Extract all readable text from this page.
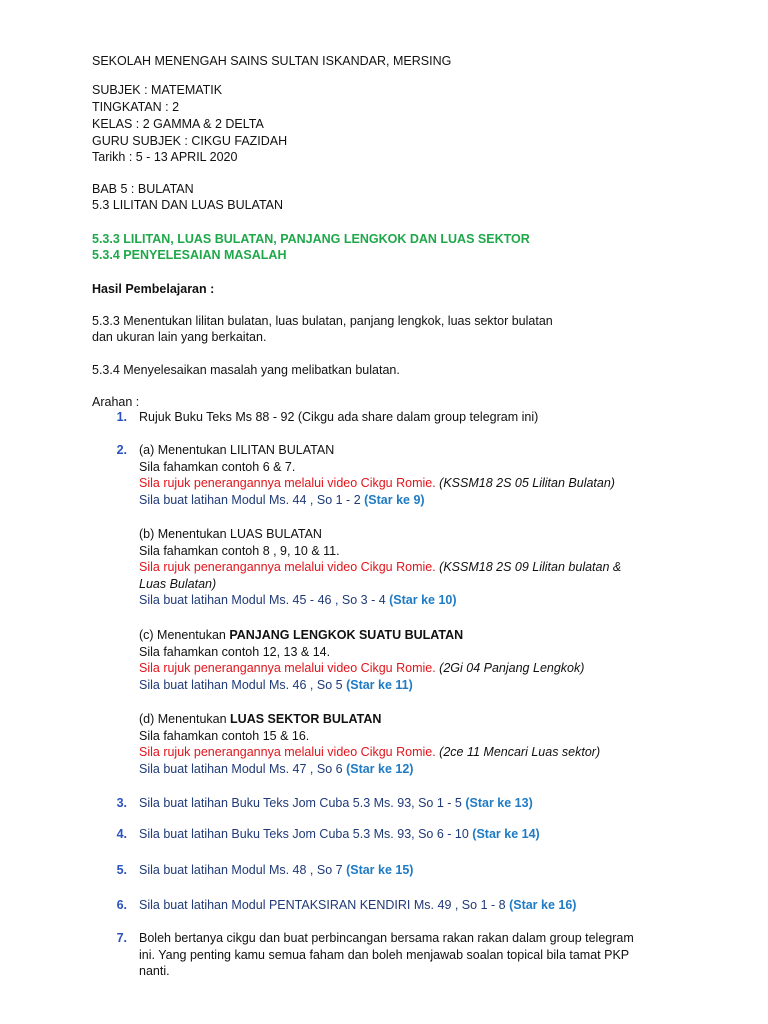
SEKOLAH MENENGAH SAINS SULTAN ISKANDAR, MERSING
SUBJEK : MATEMATIK
TINGKATAN : 2
KELAS : 2 GAMMA & 2 DELTA
GURU SUBJEK : CIKGU FAZIDAH
Tarikh : 5 - 13 APRIL 2020
BAB 5 : BULATAN
5.3 LILITAN DAN LUAS BULATAN
5.3.3 LILITAN, LUAS BULATAN, PANJANG LENGKOK DAN LUAS SEKTOR
5.3.4 PENYELESAIAN MASALAH
Hasil Pembelajaran :
5.3.3 Menentukan lilitan bulatan, luas bulatan, panjang lengkok, luas sektor bulatan
dan ukuran lain yang berkaitan.
5.3.4 Menyelesaikan masalah yang melibatkan bulatan.
Arahan :
1. Rujuk Buku Teks Ms 88 - 92 (Cikgu ada share dalam group telegram ini)
2. (a) Menentukan LILITAN BULATAN
Sila fahamkan contoh 6 & 7.
Sila rujuk penerangannya melalui video Cikgu Romie. (KSSM18 2S 05 Lilitan Bulatan)
Sila buat latihan Modul Ms. 44 , So 1 - 2 (Star ke 9)
(b) Menentukan LUAS BULATAN
Sila fahamkan contoh 8 , 9, 10 & 11.
Sila rujuk penerangannya melalui video Cikgu Romie. (KSSM18 2S 09 Lilitan bulatan &
Luas Bulatan)
Sila buat latihan Modul Ms. 45 - 46 , So 3 - 4 (Star ke 10)
(c) Menentukan PANJANG LENGKOK SUATU BULATAN
Sila fahamkan contoh 12, 13 & 14.
Sila rujuk penerangannya melalui video Cikgu Romie. (2Gi 04 Panjang Lengkok)
Sila buat latihan Modul Ms. 46 , So 5 (Star ke 11)
(d) Menentukan LUAS SEKTOR BULATAN
Sila fahamkan contoh 15 & 16.
Sila rujuk penerangannya melalui video Cikgu Romie. (2ce 11 Mencari Luas sektor)
Sila buat latihan Modul Ms. 47 , So 6 (Star ke 12)
3. Sila buat latihan Buku Teks Jom Cuba 5.3 Ms. 93, So 1 - 5 (Star ke 13)
4. Sila buat latihan Buku Teks Jom Cuba 5.3 Ms. 93, So 6 - 10 (Star ke 14)
5. Sila buat latihan Modul Ms. 48 , So 7 (Star ke 15)
6. Sila buat latihan Modul PENTAKSIRAN KENDIRI Ms. 49 , So 1 - 8 (Star ke 16)
7. Boleh bertanya cikgu dan buat perbincangan bersama rakan rakan dalam group telegram
ini. Yang penting kamu semua faham dan boleh menjawab soalan topical bila tamat PKP
nanti.
